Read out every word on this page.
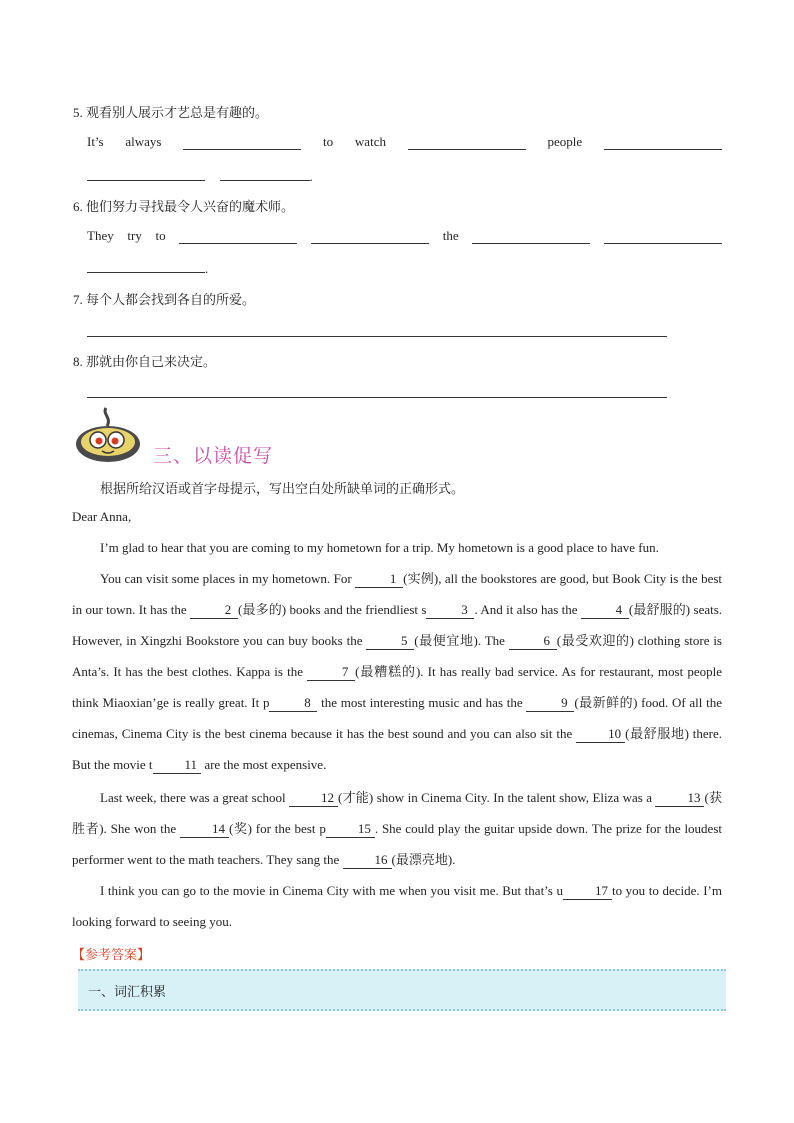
5. 观看别人展示才艺总是有趣的。
It’s always	to watch	people
.
6. 他们努力寻找最令人兴奋的魔术师。
They try to	the
.
7. 每个人都会找到各自的所爱。
8. 那就由你自己来决定。
三、以读促写
根据所给汉语或首字母提示，写出空白处所缺单词的正确形式。
Dear Anna,
I’m glad to hear that you are coming to my hometown for a trip. My hometown is a good place to have fun.
You can visit some places in my hometown. For	1 (实例), all the bookstores are good, but Book City is the best in our town. It has the	2 (最多的) books and the friendliest s	3 . And it also has the	4 (最舒服的) seats. However, in Xingzhi Bookstore you can buy books the	5 (最便宜地). The	6 (最受欢迎的) clothing store is Anta’s. It has the best clothes. Kappa is the	7 (最糟糕的). It has really bad service. As for restaurant, most people think Miaoxian’ge is really great. It p	8 the most interesting music and has the	9 (最新鲜的) food. Of all the cinemas, Cinema City is the best cinema because it has the best sound and you can also sit the 10 (最舒服地) there. But the movie t 11 are the most expensive.
Last week, there was a great school 12 (才能) show in Cinema City. In the talent show, Eliza was a 13 (获胜者). She won the 14 (奖) for the best p 15 . She could play the guitar upside down. The prize for the loudest performer went to the math teachers. They sang the 16 (最漂亮地).
I think you can go to the movie in Cinema City with me when you visit me. But that’s u 17 to you to decide. I’m looking forward to seeing you.
【参考答案】
一、词汇积累
